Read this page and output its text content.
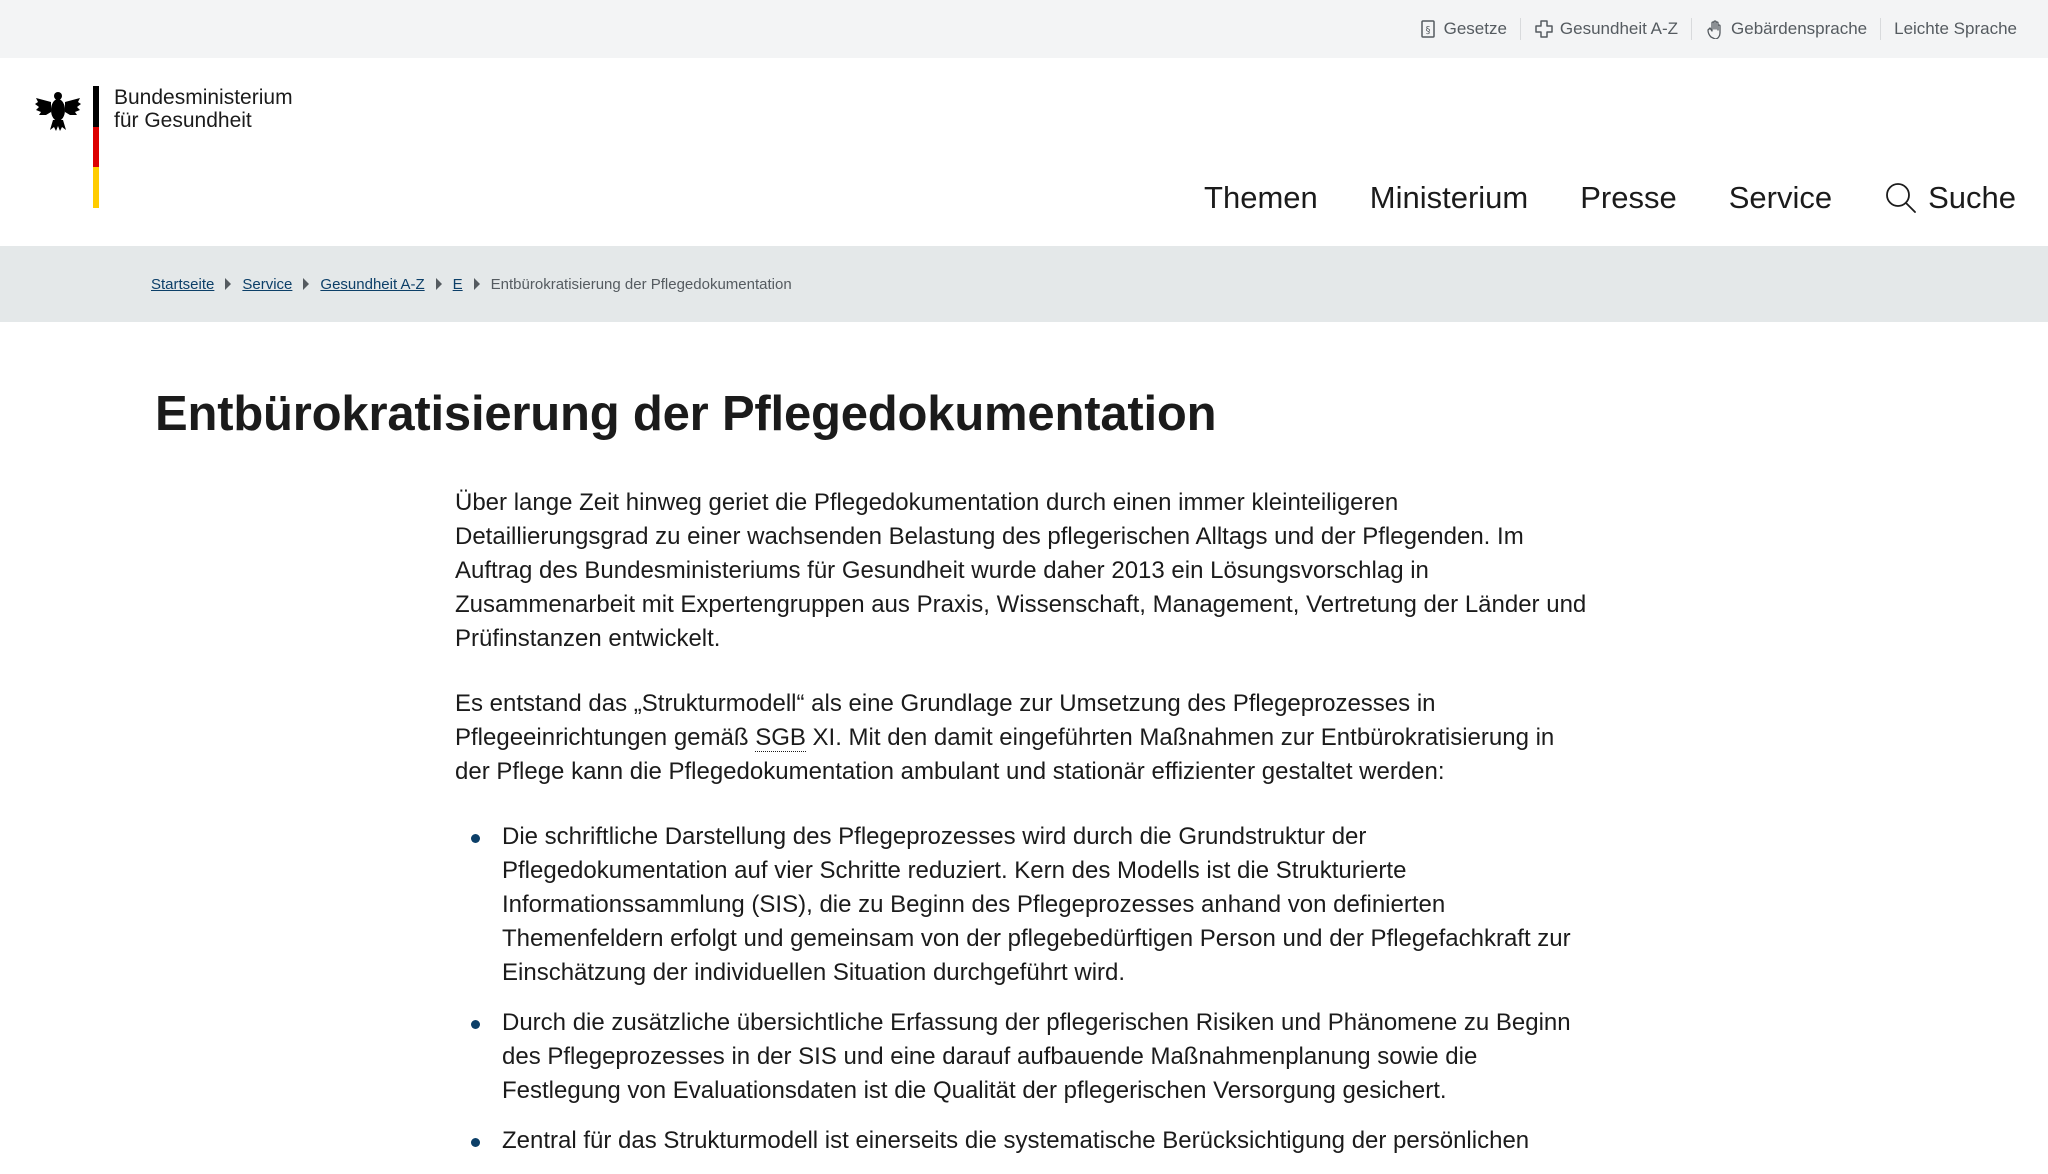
§ Gesetze	Gesundheit A-Z	Gebärdensprache Leichte Sprache
Bundesministerium
für Gesundheit
Themen Ministerium Presse Service	Suche
Startseite Service Gesundheit A-Z E Entbürokratisierung der Pflegedokumentation
Entbürokratisierung der Pflegedokumentation

Über lange Zeit hinweg geriet die Pflegedokumentation durch einen immer kleinteiligeren Detaillierungsgrad zu einer wachsenden Belastung des pflegerischen Alltags und der Pflegenden. Im Auftrag des Bundesministeriums für Gesundheit wurde daher 2013 ein Lösungsvorschlag in Zusammenarbeit mit Expertengruppen aus Praxis, Wissenschaft, Management, Vertretung der Länder und Prüfinstanzen entwickelt.

Es entstand das „Strukturmodell“ als eine Grundlage zur Umsetzung des Pflegeprozesses in Pflegeeinrichtungen gemäß SGB XI. Mit den damit eingeführten Maßnahmen zur Entbürokratisierung in der Pflege kann die Pflegedokumentation ambulant und stationär effizienter gestaltet werden:

Die schriftliche Darstellung des Pflegeprozesses wird durch die Grundstruktur der Pflegedokumentation auf vier Schritte reduziert. Kern des Modells ist die Strukturierte Informationssammlung (SIS), die zu Beginn des Pflegeprozesses anhand von definierten Themenfeldern erfolgt und gemeinsam von der pflegebedürftigen Person und der Pflegefachkraft zur Einschätzung der individuellen Situation durchgeführt wird.
Durch die zusätzliche übersichtliche Erfassung der pflegerischen Risiken und Phänomene zu Beginn des Pflegeprozesses in der SIS und eine darauf aufbauende Maßnahmenplanung sowie die Festlegung von Evaluationsdaten ist die Qualität der pflegerischen Versorgung gesichert.
Zentral für das Strukturmodell ist einerseits die systematische Berücksichtigung der persönlichen
